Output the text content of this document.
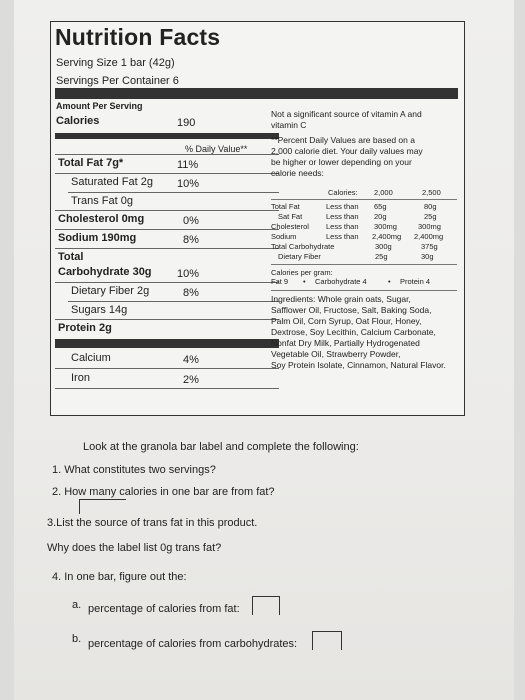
Nutrition Facts
Serving Size 1 bar (42g)
Servings Per Container 6
Amount Per Serving
Calories	190
% Daily Value**
Total Fat 7g*	11%
Saturated Fat 2g 10%
Trans Fat 0g
Cholesterol 0mg	0%
Sodium 190mg	8%
Total
Carbohydrate 30g 10%
Dietary Fiber 2g	8%
Sugars 14g
Protein 2g
Calcium	4%
Iron	2%
Not a significant source of vitamin A and
vitamin C
**Percent Daily Values are based on a
2,000 calorie diet. Your daily values may
be higher or lower depending on your
calorie needs:
Calories: 2,000	2,500
Total Fat	Less than 65g	80g
Sat Fat	Less than 20g	25g
Cholesterol Less than 300mg	300mg
Sodium	Less than 2,400mg 2,400mg
Total Carbohydrate	300g	375g
Dietary Fiber	25g	30g
Calories per gram:
Fat 9 • Carbohydrate 4	• Protein 4
Ingredients: Whole grain oats, Sugar,
Safflower Oil, Fructose, Salt, Baking Soda,
Palm Oil, Corn Syrup, Oat Flour, Honey,
Dextrose, Soy Lecithin, Calcium Carbonate,
Nonfat Dry Milk, Partially Hydrogenated
Vegetable Oil, Strawberry Powder,
Soy Protein Isolate, Cinnamon, Natural Flavor.
Look at the granola bar label and complete the following:
1. What constitutes two servings?
2. How many calories in one bar are from fat?
3.List the source of trans fat in this product.
Why does the label list 0g trans fat?
4. In one bar, figure out the:
a. percentage of calories from fat:
b. percentage of calories from carbohydrates:
